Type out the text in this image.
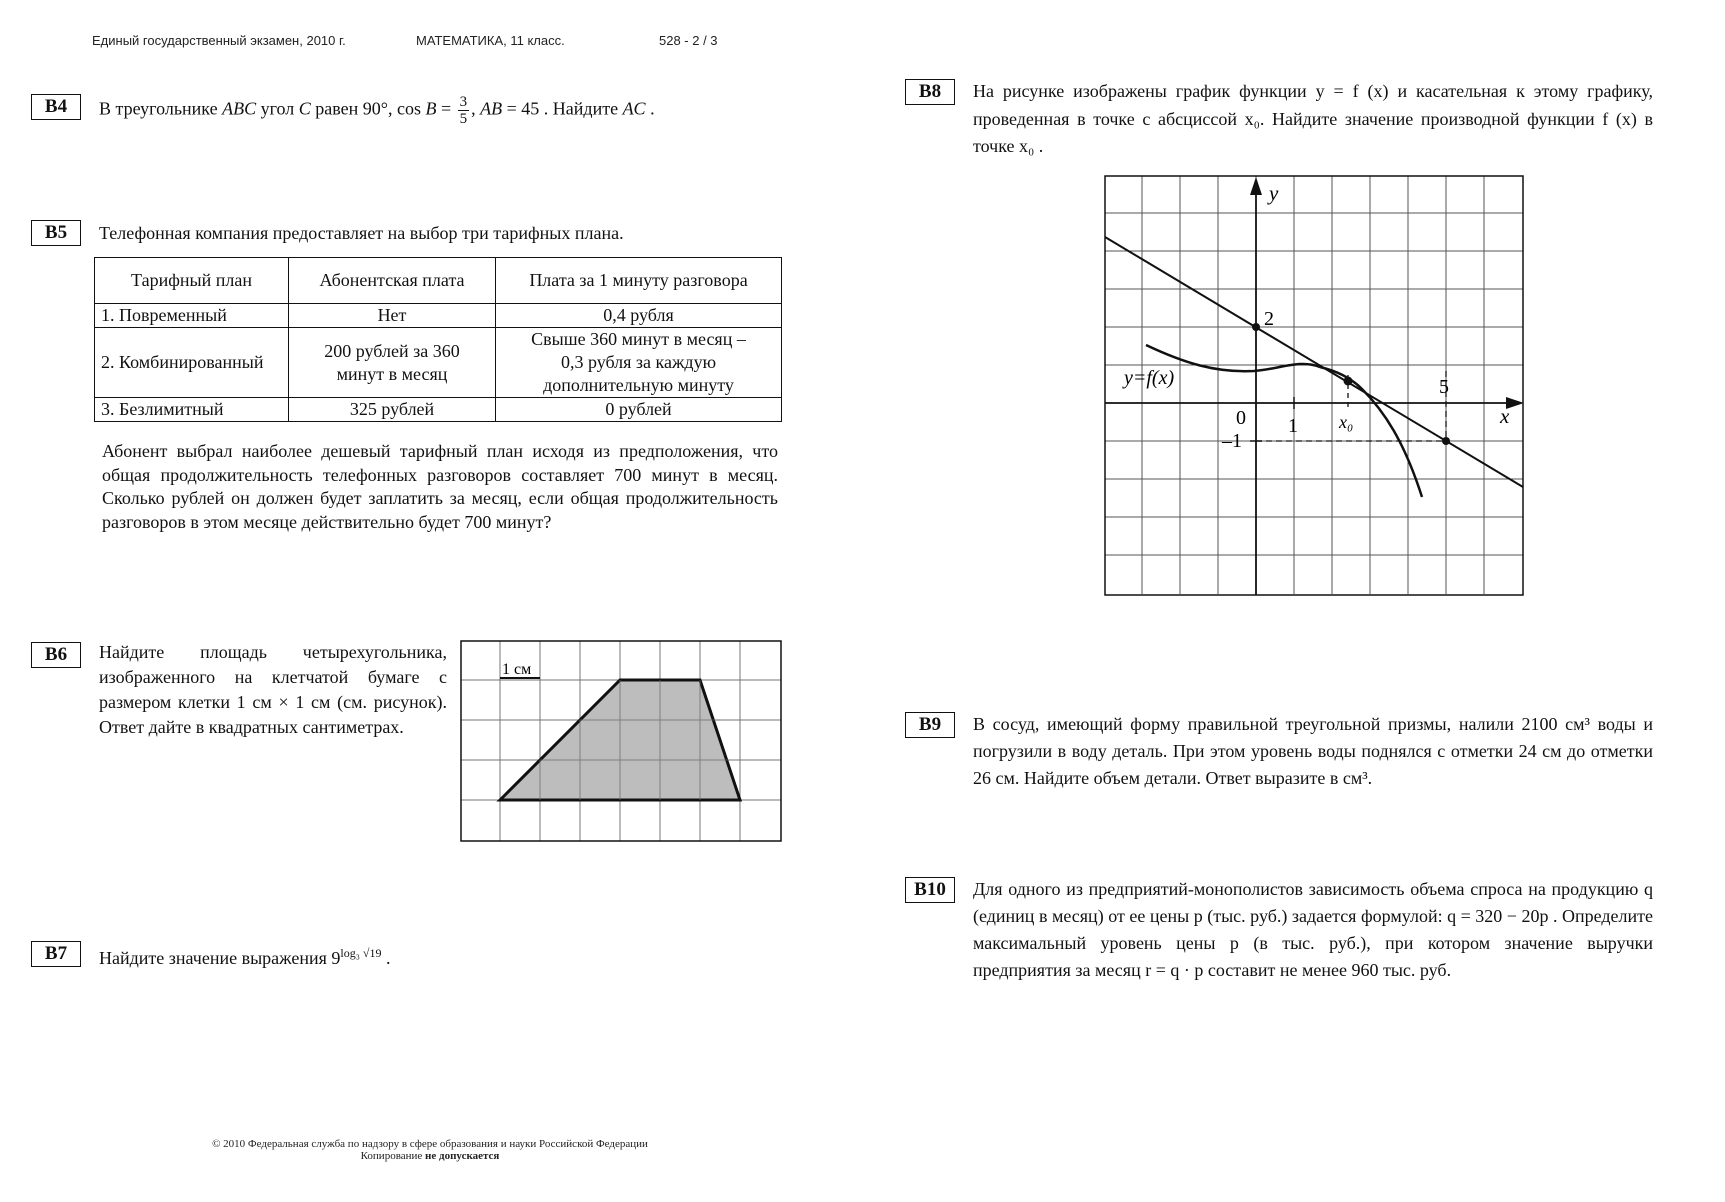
Единый государственный экзамен, 2010 г.	МАТЕМАТИКА, 11 класс.	528 - 2 / 3
B4	В треугольнике ABC угол C равен 90°, $\cos B = \frac{3}{5}$ , AB = 45 . Найдите AC .
B5	Телефонная компания предоставляет на выбор три тарифных плана.
Тарифный план	Абонентская плата	Плата за 1 минуту разговора
1. Повременный	Нет	0,4 рубля
2. Комбинированный	200 рублей за 360 минут в месяц	Свыше 360 минут в месяц – 0,3 рубля за каждую дополнительную минуту
3. Безлимитный	325 рублей	0 рублей
Абонент выбрал наиболее дешевый тарифный план исходя из предположения, что общая продолжительность телефонных разговоров составляет 700 минут в месяц. Сколько рублей он должен будет заплатить за месяц, если общая продолжительность разговоров в этом месяце действительно будет 700 минут?
B6	Найдите площадь четырехугольника, изображенного на клетчатой бумаге с размером клетки 1 см × 1 см (см. рисунок). Ответ дайте в квадратных сантиметрах.
1 см
B7	Найдите значение выражения $9^{log_3 √19}$ .
B8	На рисунке изображены график функции y = f (x) и касательная к этому графику, проведенная в точке с абсциссой x₀. Найдите значение производной функции f (x) в точке x₀ .
y
x
2
0 1
–1
5
x₀
y=f(x)
B9	В сосуд, имеющий форму правильной треугольной призмы, налили 2100 см³ воды и погрузили в воду деталь. При этом уровень воды поднялся с отметки 24 см до отметки 26 см. Найдите объем детали. Ответ выразите в см³.
B10	Для одного из предприятий-монополистов зависимость объема спроса на продукцию q (единиц в месяц) от ее цены p (тыс. руб.) задается формулой: q = 320 − 20p . Определите максимальный уровень цены p (в тыс. руб.), при котором значение выручки предприятия за месяц r = q · p составит не менее 960 тыс. руб.
© 2010 Федеральная служба по надзору в сфере образования и науки Российской Федерации
Копирование не допускается
